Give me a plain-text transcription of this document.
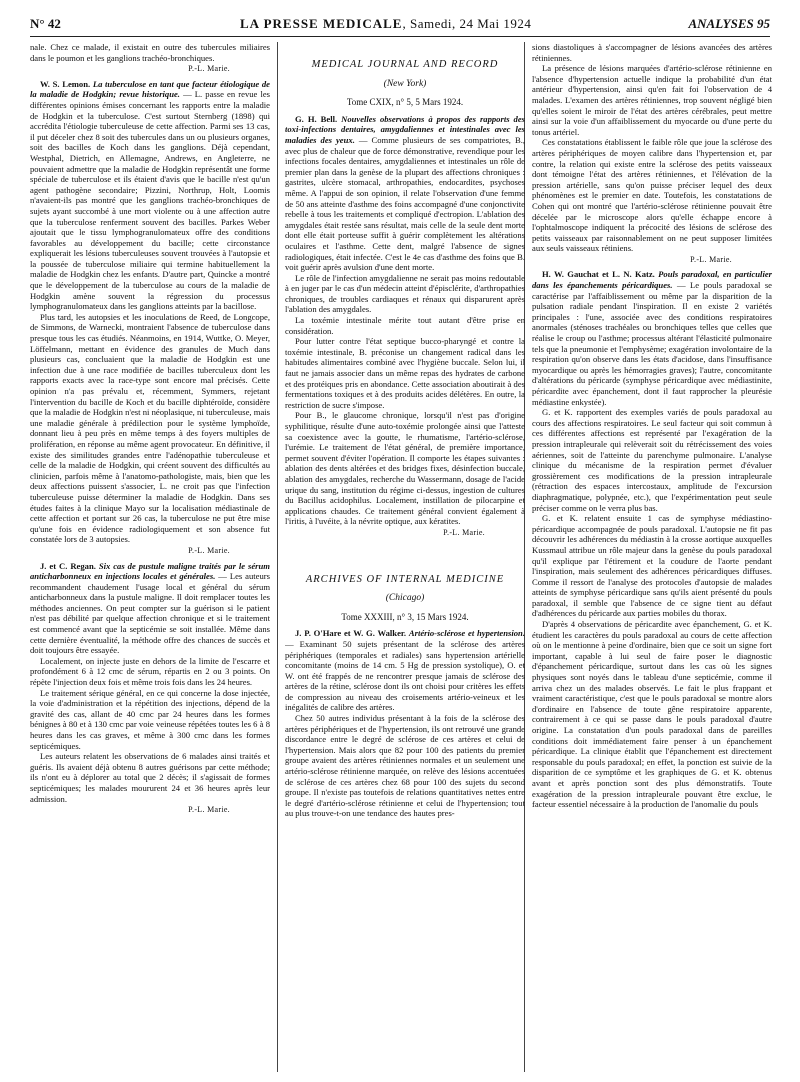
N° 42	LA PRESSE MEDICALE, Samedi, 24 Mai 1924	ANALYSES 95

nale. Chez ce malade, il existait en outre des tubercules miliaires dans le poumon et les ganglions trachéo-bronchiques.

P.-L. Marie.

W. S. Lemon. La tuberculose en tant que facteur étiologique de la maladie de Hodgkin; revue historique. — L. passe en revue les différentes opinions émises concernant les rapports entre la maladie de Hodgkin et la tuberculose. C'est surtout Sternberg (1898) qui accrédita l'étiologie tuberculeuse de cette affection. Parmi ses 13 cas, il put déceler chez 8 soit des tubercules dans un ou plusieurs organes, soit des bacilles de Koch dans les ganglions. Déjà cependant, Westphal, Dietrich, en Allemagne, Andrews, en Angleterre, ne pouvaient admettre que la maladie de Hodgkin représentât une forme spéciale de tuberculose et ils étaient d'avis que le bacille n'est qu'un agent pathogène secondaire; Pizzini, Northrup, Holt, Loomis n'avaient-ils pas montré que les ganglions trachéo-bronchiques de sujets ayant succombé à une mort violente ou à une affection autre que la tuberculose renferment souvent des bacilles. Parkes Weber ajoutait que le tissu lymphogranulomateux offre des conditions favorables au développement du bacille; cette circonstance expliquerait les lésions tuberculeuses souvent trouvées à l'autopsie et la poussée de tuberculose miliaire qui termine habituellement la maladie de Hodgkin chez les enfants. D'autre part, Quincke a montré que le développement de la tuberculose au cours de la maladie de Hodgkin amène souvent la régression du processus lymphogranulomateux dans les ganglions atteints par la bacillose.

Plus tard, les autopsies et les inoculations de Reed, de Longcope, de Simmons, de Warnecki, montraient l'absence de tuberculose dans presque tous les cas étudiés. Néanmoins, en 1914, Wuttke, O. Meyer, Löffelmann, mettant en évidence des granules de Much dans plusieurs cas, concluaient que la maladie de Hodgkin est une infection due à une race modifiée de bacilles tuberculeux dont les rapports exacts avec la race-type sont encore mal précisés. Cette opinion n'a pas prévalu et, récemment, Symmers, rejetant l'intervention du bacille de Koch et du bacille diphtéroïde, considère que la maladie de Hodgkin n'est ni néoplasique, ni tuberculeuse, mais une maladie générale à prédilection pour le système lymphoïde, donnant lieu à peu près en même temps à des foyers multiples de prolifération, en réponse au même agent provocateur. En définitive, il existe des similitudes grandes entre l'adénopathie tuberculeuse et celle de la maladie de Hodgkin, qui créent souvent des difficultés au clinicien, parfois même à l'anatomo-pathologiste, mais, bien que les deux affections puissent s'associer, L. ne croit pas que l'infection tuberculeuse puisse déterminer la maladie de Hodgkin. Dans ses études faites à la clinique Mayo sur la localisation médiastinale de cette affection et portant sur 26 cas, la tuberculose ne put être mise qu'une fois en évidence radiologiquement et son absence fut constatée lors de 3 autopsies.

P.-L. Marie.

J. et C. Regan. Six cas de pustule maligne traités par le sérum anticharbonneux en injections locales et générales. — Les auteurs recommandent chaudement l'usage local et général du sérum anticharbonneux dans la pustule maligne. Il doit remplacer toutes les méthodes anciennes. On peut compter sur la guérison si le patient n'est pas débilité par quelque affection chronique et si le traitement est commencé avant que la septicémie se soit installée. Même dans cette dernière éventualité, la méthode offre des chances de succès et doit toujours être essayée.

Localement, on injecte juste en dehors de la limite de l'escarre et profondément 6 à 12 cmc de sérum, répartis en 2 ou 3 points. On répète l'injection deux fois et même trois fois dans les 24 heures.

Le traitement sérique général, en ce qui concerne la dose injectée, la voie d'administration et la répétition des injections, dépend de la gravité des cas, allant de 40 cmc par 24 heures dans les formes bénignes à 80 et à 130 cmc par voie veineuse répétées toutes les 6 à 8 heures dans les cas graves, et même à 300 cmc dans les formes septicémiques.

Les auteurs relatent les observations de 6 malades ainsi traités et guéris. Ils avaient déjà obtenu 8 autres guérisons par cette méthode; ils n'ont eu à déplorer au total que 2 décès; il s'agissait de formes septicémiques; les malades moururent 24 et 36 heures après leur admission.

P.-L. Marie.
MEDICAL JOURNAL AND RECORD
(New York)
Tome CXIX, n° 5, 5 Mars 1924.

G. H. Bell. Nouvelles observations à propos des rapports des toxi-infections dentaires, amygdaliennes et intestinales avec les maladies des yeux. — Comme plusieurs de ses compatriotes, B., avec plus de chaleur que de force démonstrative, revendique pour les infections focales dentaires, amygdaliennes et intestinales un rôle de premier plan dans la genèse de la plupart des affections chroniques : gastrites, ulcère stomacal, arthropathies, endocardites, psychoses même. A l'appui de son opinion, il relate l'observation d'une femme de 50 ans atteinte d'asthme des foins accompagné d'une conjonctivite rebelle à tous les traitements et compliqué d'ectropion. L'ablation des amygdales était restée sans résultat, mais celle de la seule dent morte dont elle était porteuse suffit à guérir complètement les altérations oculaires et l'asthme. Cette dent, malgré l'absence de signes radiologiques, était infectée. C'est le 4e cas d'asthme des foins que B. voit guérir après avulsion d'une dent morte.

Le rôle de l'infection amygdalienne ne serait pas moins redoutable à en juger par le cas d'un médecin atteint d'épisclérite, d'arthropathies chroniques, de troubles cardiaques et rénaux qui disparurent après l'ablation des amygdales.

La toxémie intestinale mérite tout autant d'être prise en considération.

Pour lutter contre l'état septique bucco-pharyngé et contre la toxémie intestinale, B. préconise un changement radical dans les habitudes alimentaires combiné avec l'hygiène buccale. Selon lui, il faut ne jamais associer dans un même repas des hydrates de carbone et des protéiques pris en abondance. Cette association aboutirait à des fermentations toxiques et à des produits acides délétères. En outre, la restriction de sucre s'impose.

Pour B., le glaucome chronique, lorsqu'il n'est pas d'origine syphilitique, résulte d'une auto-toxémie prolongée ainsi que l'atteste sa coexistence avec la goutte, le rhumatisme, l'artério-sclérose, l'urémie. Le traitement de l'état général, de première importance, permet souvent d'éviter l'opération. Il comporte les étapes suivantes : ablation des dents altérées et des bridges fixes, désinfection buccale, ablation des amygdales, recherche du Wassermann, dosage de l'acide urique du sang, institution du régime ci-dessus, ingestion de cultures du Bacillus acidophilus. Localement, instillation de pilocarpine et applications chaudes. Ce traitement général convient également à l'iritis, à l'uvéite, à la névrite optique, aux kératites.

P.-L. Marie.
ARCHIVES OF INTERNAL MEDICINE
(Chicago)
Tome XXXIII, n° 3, 15 Mars 1924.

J. P. O'Hare et W. G. Walker. Artério-sclérose et hypertension. — Examinant 50 sujets présentant de la sclérose des artères périphériques (temporales et radiales) sans hypertension artérielle concomitante (moins de 14 cm. 5 Hg de pression systolique), O. et W. ont été frappés de ne rencontrer presque jamais de sclérose des artères de la rétine, sclérose dont ils ont choisi pour critères les effets de compression au niveau des croisements artério-veineux et les inégalités de calibre des artères.

Chez 50 autres individus présentant à la fois de la sclérose des artères périphériques et de l'hypertension, ils ont retrouvé une grande discordance entre le degré de sclérose de ces artères et celui de l'hypertension. Mais alors que 82 pour 100 des patients du premier groupe avaient des artères rétiniennes normales et un seulement une artério-sclérose rétinienne marquée, on relève des lésions accentuées de sclérose de ces artères chez 68 pour 100 des sujets du second groupe. Il n'existe pas toutefois de relations quantitatives nettes entre le degré d'artério-sclérose rétinienne et celui de l'hypertension; tout au plus trouve-t-on une tendance des hautes pres-

sions diastoliques à s'accompagner de lésions avancées des artères rétiniennes.

La présence de lésions marquées d'artério-sclérose rétinienne en l'absence d'hypertension actuelle indique la probabilité d'un état antérieur d'hypertension, ainsi qu'en fait foi l'observation de 4 malades. L'examen des artères rétiniennes, trop souvent négligé bien qu'elles soient le miroir de l'état des artères cérébrales, peut mettre ainsi sur la voie d'un affaiblissement du myocarde ou d'une perte du tonus artériel.

Ces constatations établissent le faible rôle que joue la sclérose des artères périphériques de moyen calibre dans l'hypertension et, par contre, la relation qui existe entre la sclérose des petits vaisseaux dont témoigne l'état des artères rétiniennes, et l'élévation de la pression artérielle, sans qu'on puisse préciser lequel des deux phénomènes est le premier en date. Toutefois, les constatations de Cohen qui ont montré que l'artério-sclérose rétinienne pouvait être décelée par le microscope alors qu'elle échappe encore à l'ophtalmoscope indiquent la précocité des lésions de sclérose des petits vaisseaux par raisonnablement on ne peut supposer limitées aux seuls vaisseaux rétiniens.

P.-L. Marie.

H. W. Gauchat et L. N. Katz. Pouls paradoxal, en particulier dans les épanchements péricardiques. — Le pouls paradoxal se caractérise par l'affaiblissement ou même par la disparition de la pulsation radiale pendant l'inspiration. Il en existe 2 variétés principales : l'une, associée avec des conditions respiratoires anormales (sténoses trachéales ou bronchiques telles que celles que réalise le croup ou l'asthme; processus altérant l'élasticité pulmonaire tels que la pneumonie et l'emphysème; exagération involontaire de la respiration qu'on observe dans les états d'acidose, dans l'insuffisance myocardique ou après les hémorragies graves); l'autre, concomitante d'altérations du péricarde (symphyse péricardique avec médiastinite, péricardite avec épanchement, dont il faut rapprocher la pleurésie médiastine enkystée).

G. et K. rapportent des exemples variés de pouls paradoxal au cours des affections respiratoires. Le seul facteur qui soit commun à ces différentes affections est représenté par l'exagération de la pression intrapleurale qui relèverait soit du rétrécissement des voies aériennes, soit de l'atteinte du parenchyme pulmonaire. L'analyse clinique du mécanisme de la respiration permet d'évaluer grossièrement ces modifications de la pression intrapleurale (rétraction des espaces intercostaux, amplitude de l'excursion diaphragmatique, polypnée, etc.), que l'expérimentation peut seule préciser comme on le verra plus bas.

G. et K. relatent ensuite 1 cas de symphyse médiastino-péricardique accompagnée de pouls paradoxal. L'autopsie ne fit pas découvrir les adhérences du médiastin à la crosse aortique auxquelles Kussmaul attribue un rôle majeur dans la genèse du pouls paradoxal qu'il explique par l'étirement et la coudure de l'aorte pendant l'inspiration, mais seulement des adhérences péricardiques diffuses. Comme il ressort de l'analyse des protocoles d'autopsie de malades atteints de symphyse péricardique sans qu'ils aient présenté du pouls paradoxal, il semble que l'absence de ce signe tient au défaut d'adhérences du péricarde aux parties mobiles du thorax.

D'après 4 observations de péricardite avec épanchement, G. et K. étudient les caractères du pouls paradoxal au cours de cette affection où on le mentionne à peine d'ordinaire, bien que ce soit un signe fort important, capable à lui seul de faire poser le diagnostic d'épanchement péricardique, surtout dans les cas où les signes physiques sont noyés dans le tableau d'une septicémie, comme il arriva chez un des malades observés. Le fait le plus frappant et vraiment caractéristique, c'est que le pouls paradoxal se montre alors d'ordinaire en l'absence de toute gêne respiratoire apparente, contrairement à ce qui se passe dans le pouls paradoxal d'autre origine. La constatation d'un pouls paradoxal dans de pareilles conditions doit immédiatement faire penser à un épanchement péricardique. La clinique établit que l'épanchement est directement responsable du pouls paradoxal; en effet, la ponction est suivie de la disparition de ce symptôme et les graphiques de G. et K. obtenus avant et après ponction sont des plus démonstratifs. Toute exagération de la pression intrapleurale pouvant être exclue, le facteur essentiel nécessaire à la production de l'anomalie du pouls
